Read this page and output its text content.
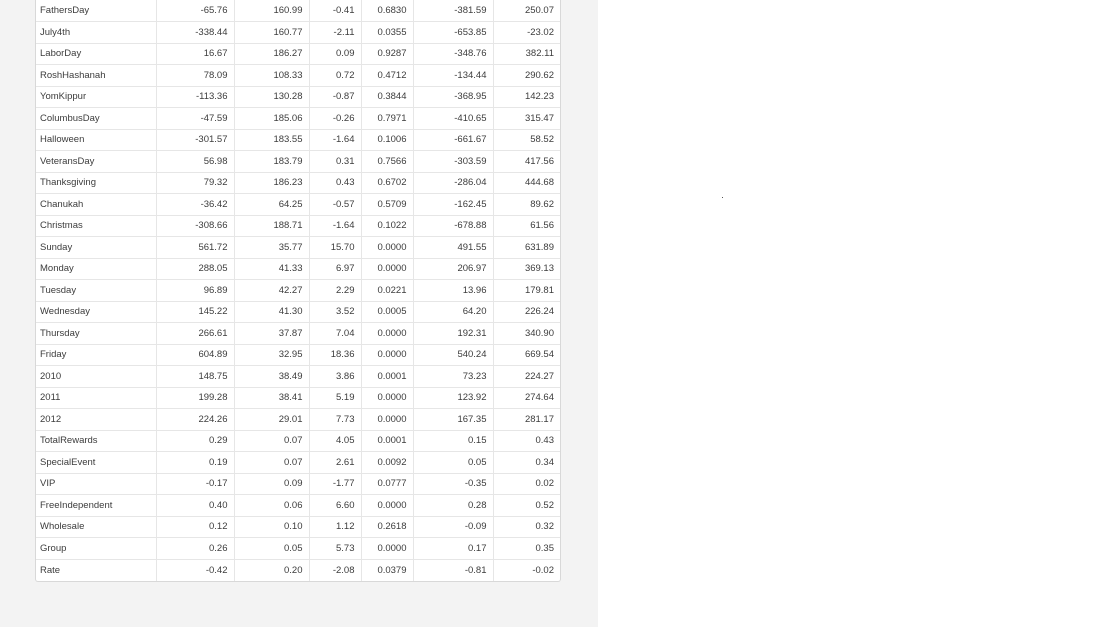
FathersDay	-65.76	160.99	-0.41	0.6830	-381.59	250.07
July4th	-338.44	160.77	-2.11	0.0355	-653.85	-23.02
LaborDay	16.67	186.27	0.09	0.9287	-348.76	382.11
RoshHashanah	78.09	108.33	0.72	0.4712	-134.44	290.62
YomKippur	-113.36	130.28	-0.87	0.3844	-368.95	142.23
ColumbusDay	-47.59	185.06	-0.26	0.7971	-410.65	315.47
Halloween	-301.57	183.55	-1.64	0.1006	-661.67	58.52
VeteransDay	56.98	183.79	0.31	0.7566	-303.59	417.56
Thanksgiving	79.32	186.23	0.43	0.6702	-286.04	444.68
Chanukah	-36.42	64.25	-0.57	0.5709	-162.45	89.62
Christmas	-308.66	188.71	-1.64	0.1022	-678.88	61.56
Sunday	561.72	35.77	15.70	0.0000	491.55	631.89
Monday	288.05	41.33	6.97	0.0000	206.97	369.13
Tuesday	96.89	42.27	2.29	0.0221	13.96	179.81
Wednesday	145.22	41.30	3.52	0.0005	64.20	226.24
Thursday	266.61	37.87	7.04	0.0000	192.31	340.90
Friday	604.89	32.95	18.36	0.0000	540.24	669.54
2010	148.75	38.49	3.86	0.0001	73.23	224.27
2011	199.28	38.41	5.19	0.0000	123.92	274.64
2012	224.26	29.01	7.73	0.0000	167.35	281.17
TotalRewards	0.29	0.07	4.05	0.0001	0.15	0.43
SpecialEvent	0.19	0.07	2.61	0.0092	0.05	0.34
VIP	-0.17	0.09	-1.77	0.0777	-0.35	0.02
FreeIndependent	0.40	0.06	6.60	0.0000	0.28	0.52
Wholesale	0.12	0.10	1.12	0.2618	-0.09	0.32
Group	0.26	0.05	5.73	0.0000	0.17	0.35
Rate	-0.42	0.20	-2.08	0.0379	-0.81	-0.02
